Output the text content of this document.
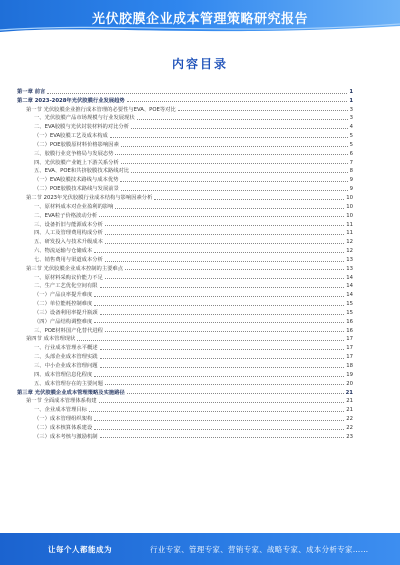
光伏胶膜企业成本管理策略研究报告
内容目录
第一章 前言	1
第二章 2023-2028年光伏胶膜行业发展趋势	1
第一节 光伏胶膜企业推行成本管理的必要性与EVA、POE等对比	3
一、光伏胶膜产品市场规模与行业发展现状	3
二、EVA胶膜与光伏封装材料的对比分析	4
（一）EVA胶膜工艺及成本构成	5
（二）POE胶膜原材料价格影响因素	5
三、胶膜行业竞争格局与发展态势	6
四、光伏胶膜产业链上下游关系分析	7
五、EVA、POE和共挤胶膜技术路线对比	8
（一）EVA胶膜技术路线与成本优势	9
（二）POE胶膜技术路线与发展前景	9
第二节 2023年光伏胶膜行业成本结构与影响因素分析	10
一、原材料成本对企业盈利的影响	10
二、EVA粒子价格波动分析	10
三、设备折旧与能源成本分析	11
四、人工及管理费用构成分析	11
五、研发投入与技术升级成本	12
六、物流运输与仓储成本	12
七、销售费用与渠道成本分析	13
第三节 光伏胶膜企业成本控制的主要难点	13
一、原材料采购议价能力不足	14
二、生产工艺优化空间有限	14
（一）产品良率提升难度	14
（二）单位能耗控制难度	15
（三）设备利用率提升瓶颈	15
（四）产品结构调整难度	16
三、POE材料国产化替代进程	16
第四节 成本管理现状	17
一、行业成本管理水平概述	17
二、头部企业成本管理实践	17
三、中小企业成本管理问题	18
四、成本管理信息化程度	19
五、成本管理存在的主要问题	20
第三章 光伏胶膜企业成本管理策略及实施路径	21
第一节 全面成本管理体系构建	21
一、企业成本管理目标	21
（一）成本管理组织架构	22
（二）成本核算体系建设	22
（三）成本考核与激励机制	23
让每个人都能成为	行业专家、管理专家、营销专家、战略专家、成本分析专家……
